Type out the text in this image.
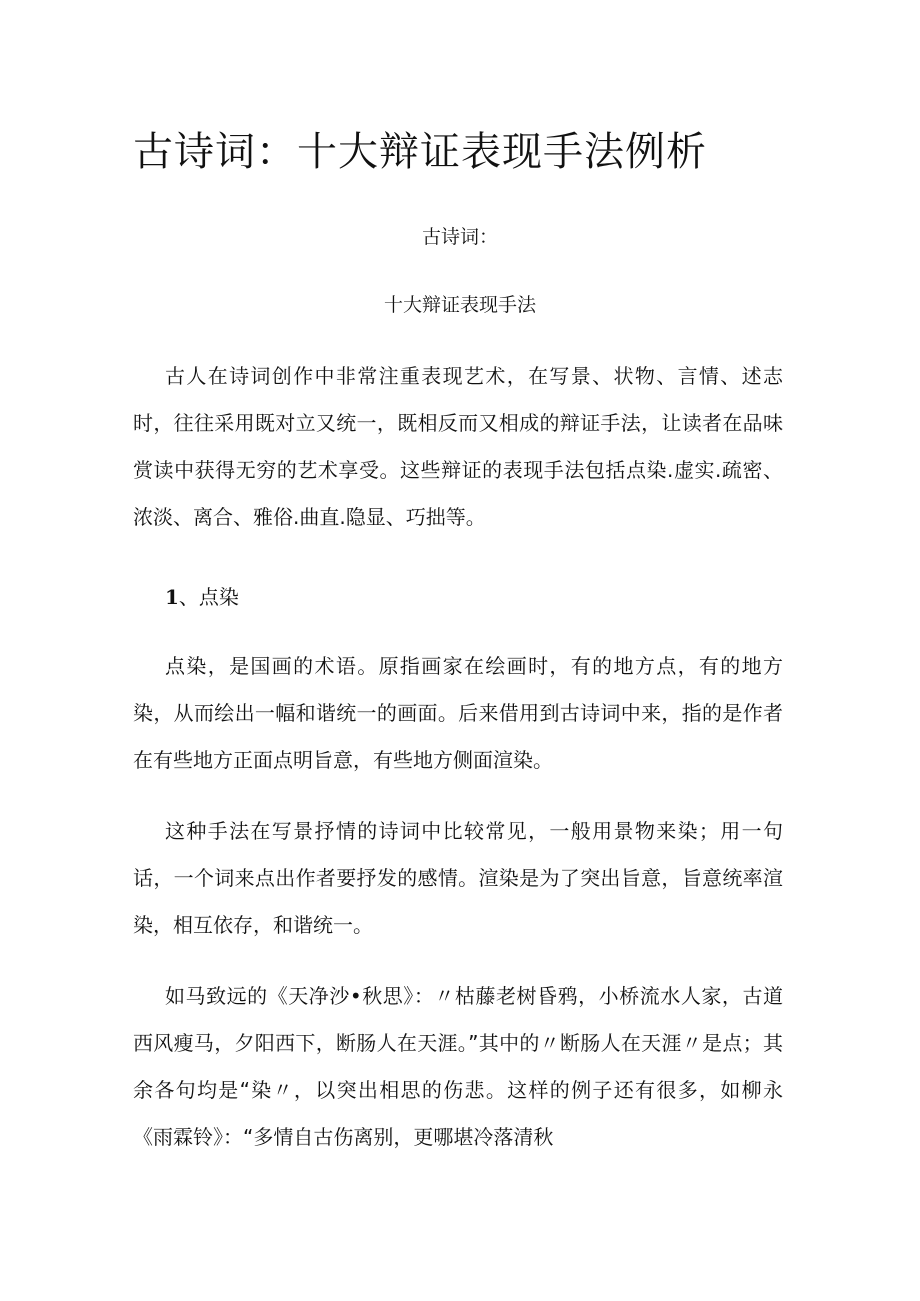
古诗词：十大辩证表现手法例析

古诗词：

十大辩证表现手法

古人在诗词创作中非常注重表现艺术，在写景、状物、言情、述志时，往往采用既对立又统一，既相反而又相成的辩证手法，让读者在品味赏读中获得无穷的艺术享受。这些辩证的表现手法包括点染.虚实.疏密、浓淡、离合、雅俗.曲直.隐显、巧拙等。

1、点染

点染，是国画的术语。原指画家在绘画时，有的地方点，有的地方染，从而绘出一幅和谐统一的画面。后来借用到古诗词中来，指的是作者在有些地方正面点明旨意，有些地方侧面渲染。

这种手法在写景抒情的诗词中比较常见，一般用景物来染；用一句话，一个词来点出作者要抒发的感情。渲染是为了突出旨意，旨意统率渲染，相互依存，和谐统一。

如马致远的《天净沙•秋思》：〃枯藤老树昏鸦，小桥流水人家，古道西风瘦马，夕阳西下，断肠人在天涯。”其中的〃断肠人在天涯〃是点；其余各句均是“染〃，以突出相思的伤悲。这样的例子还有很多，如柳永《雨霖铃》：“多情自古伤离别，更哪堪冷落清秋
